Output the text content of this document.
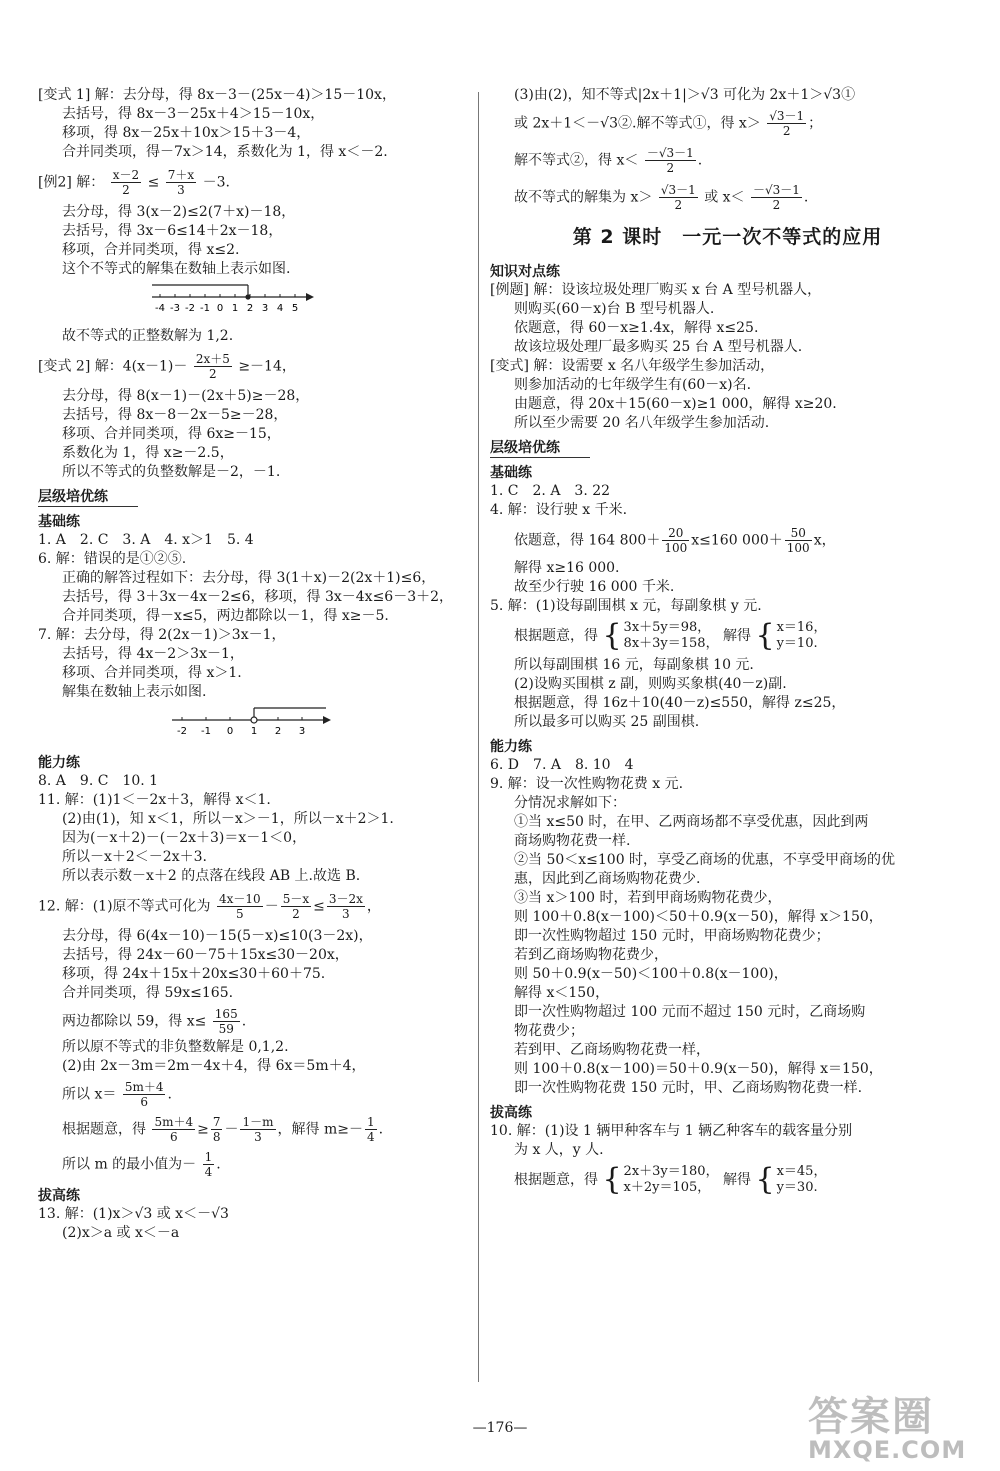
[变式 1] 解：去分母，得 8x－3－(25x－4)＞15－10x，
去括号，得 8x－3－25x＋4＞15－10x，
移项，得 8x－25x＋10x＞15＋3－4，
合并同类项，得－7x＞14，系数化为 1，得 x＜－2.
[例2] 解： $\frac{x-2}{2} \le \frac{7+x}{3} -3$.
去分母，得 3(x－2)≤2(7＋x)－18，
去括号，得 3x－6≤14＋2x－18，
移项，合并同类项，得 x≤2.
这个不等式的解集在数轴上表示如图.
-4 -3 -2 -1 0 1 2 3 4 5
故不等式的正整数解为 1,2.
[变式 2] 解：$4(x-1)- \frac{2x+5}{2} \ge-14$，
去分母，得 8(x－1)－(2x＋5)≥－28，
去括号，得 8x－8－2x－5≥－28，
移项、合并同类项，得 6x≥－15，
系数化为 1，得 x≥－2.5，
所以不等式的负整数解是－2，－1.
层级培优练
基础练
1. A　2. C　3. A　4. x＞1　5. 4
6. 解：错误的是①②⑤.
正确的解答过程如下：去分母，得 3(1＋x)－2(2x＋1)≤6，
去括号，得 3＋3x－4x－2≤6，移项，得 3x－4x≤6－3＋2，
合并同类项，得－x≤5，两边都除以－1，得 x≥－5.
7. 解：去分母，得 2(2x－1)＞3x－1，
去括号，得 4x－2＞3x－1，
移项、合并同类项，得 x＞1.
解集在数轴上表示如图.
-2 -1 0 1 2 3
能力练
8. A　9. C　10. 1
11. 解：(1)1＜－2x＋3，解得 x＜1.
(2)由(1)，知 x＜1，所以－x＞－1，所以－x＋2＞1.
因为(－x＋2)－(－2x＋3)＝x－1＜0，
所以－x＋2＜－2x＋3.
所以表示数－x＋2 的点落在线段 AB 上.故选 B.
12. 解：(1)原不等式可化为 $\frac{4x-10}{5} - \frac{5-x}{2} \le \frac{3-2x}{3}$ ，
去分母，得 6(4x－10)－15(5－x)≤10(3－2x)，
去括号，得 24x－60－75＋15x≤30－20x，
移项，得 24x＋15x＋20x≤30＋60＋75.
合并同类项，得 59x≤165.
两边都除以 59，得 $x\le \frac{165}{59}$ .
所以原不等式的非负整数解是 0,1,2.
(2)由 2x－3m＝2m－4x＋4，得 6x＝5m＋4，
所以 $x= \frac{5m+4}{6}$ .
根据题意，得 $\frac{5m+4}{6} \ge \frac{7}{8} - \frac{1-m}{3}$ ，解得 $m\ge- \frac{1}{4}$ .
所以 m 的最小值为－ $\frac{1}{4}$ .
拔高练
13. 解：(1)x＞√3 或 x＜－√3
(2)x＞a 或 x＜－a
(3)由(2)，知不等式|2x＋1|＞√3 可化为 2x＋1＞√3①
或 2x＋1＜－√3②.解不等式①，得 $x> \frac{√3-1}{2}$ ；
解不等式②，得 $x< \frac{-√3-1}{2}$ .
故不等式的解集为 $x> \frac{√3-1}{2}$ 或 $x< \frac{-√3-1}{2}$ .
第 2 课时　一元一次不等式的应用
知识对点练
[例题] 解：设该垃圾处理厂购买 x 台 A 型号机器人，
则购买(60－x)台 B 型号机器人.
依题意，得 60－x≥1.4x，解得 x≤25.
故该垃圾处理厂最多购买 25 台 A 型号机器人.
[变式] 解：设需要 x 名八年级学生参加活动，
则参加活动的七年级学生有(60－x)名.
由题意，得 20x＋15(60－x)≥1 000，解得 x≥20.
所以至少需要 20 名八年级学生参加活动.
层级培优练
基础练
1. C　2. A　3. 22
4. 解：设行驶 x 千米.
依题意，得 164 $800+ \frac{20}{100} x\le 160$ $000+ \frac{50}{100}$ x，
解得 x≥16 000.
故至少行驶 16 000 千米.
5. 解：(1)设每副围棋 x 元，每副象棋 y 元.
根据题意，得 { 3x＋5y＝98，
8x＋3y＝158， 解得 { x＝16，
y＝10.
所以每副围棋 16 元，每副象棋 10 元.
(2)设购买围棋 z 副，则购买象棋(40－z)副.
根据题意，得 16z＋10(40－z)≤550，解得 z≤25，
所以最多可以购买 25 副围棋.
能力练
6. D　7. A　8. 10　4
9. 解：设一次性购物花费 x 元.
分情况求解如下：
①当 x≤50 时，在甲、乙两商场都不享受优惠，因此到两
商场购物花费一样.
②当 50＜x≤100 时，享受乙商场的优惠，不享受甲商场的优
惠，因此到乙商场购物花费少.
③当 x＞100 时，若到甲商场购物花费少，
则 100＋0.8(x－100)＜50＋0.9(x－50)，解得 x＞150，
即一次性购物超过 150 元时，甲商场购物花费少；
若到乙商场购物花费少，
则 50＋0.9(x－50)＜100＋0.8(x－100)，
解得 x＜150，
即一次性购物超过 100 元而不超过 150 元时，乙商场购
物花费少；
若到甲、乙商场购物花费一样，
则 100＋0.8(x－100)＝50＋0.9(x－50)，解得 x＝150，
即一次性购物花费 150 元时，甲、乙商场购物花费一样.
拔高练
10. 解：(1)设 1 辆甲种客车与 1 辆乙种客车的载客量分别
为 x 人，y 人.
根据题意，得 { 2x＋3y＝180，
x＋2y＝105， 解得 { x＝45，
y＝30.
—176—	答案圈
MXQE.COM
